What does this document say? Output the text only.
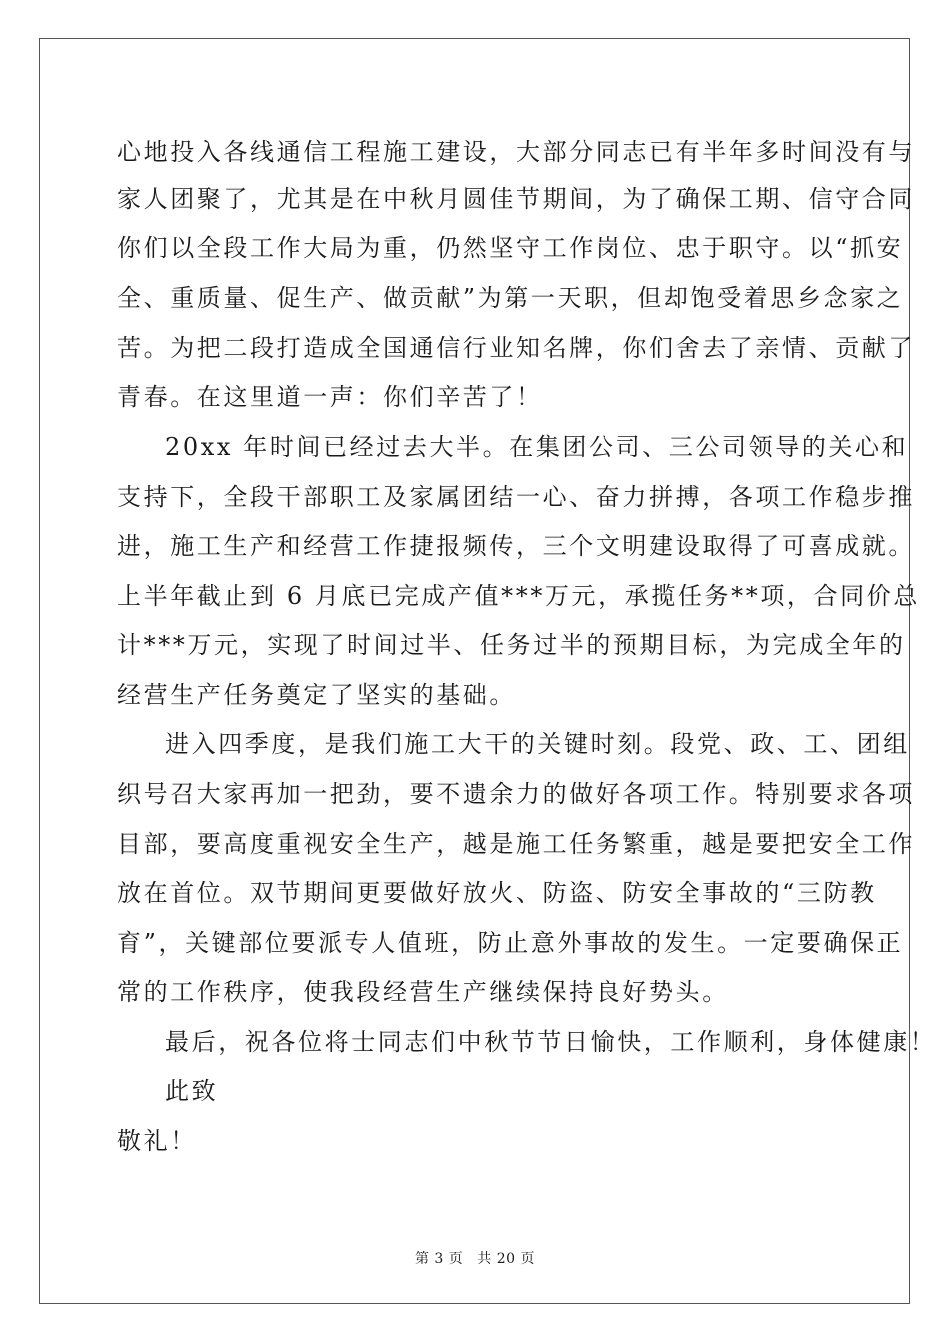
心地投入各线通信工程施工建设，大部分同志已有半年多时间没有与
家人团聚了，尤其是在中秋月圆佳节期间，为了确保工期、信守合同
你们以全段工作大局为重，仍然坚守工作岗位、忠于职守。以“抓安
全、重质量、促生产、做贡献”为第一天职，但却饱受着思乡念家之
苦。为把二段打造成全国通信行业知名牌，你们舍去了亲情、贡献了
青春。在这里道一声：你们辛苦了！
20xx 年时间已经过去大半。在集团公司、三公司领导的关心和
支持下，全段干部职工及家属团结一心、奋力拼搏，各项工作稳步推
进，施工生产和经营工作捷报频传，三个文明建设取得了可喜成就。
上半年截止到 6 月底已完成产值***万元，承揽任务**项，合同价总
计***万元，实现了时间过半、任务过半的预期目标，为完成全年的
经营生产任务奠定了坚实的基础。
进入四季度，是我们施工大干的关键时刻。段党、政、工、团组
织号召大家再加一把劲，要不遗余力的做好各项工作。特别要求各项
目部，要高度重视安全生产，越是施工任务繁重，越是要把安全工作
放在首位。双节期间更要做好放火、防盗、防安全事故的“三防教
育”，关键部位要派专人值班，防止意外事故的发生。一定要确保正
常的工作秩序，使我段经营生产继续保持良好势头。
最后，祝各位将士同志们中秋节节日愉快，工作顺利，身体健康！
此致
敬礼！
第 3 页 共 20 页
